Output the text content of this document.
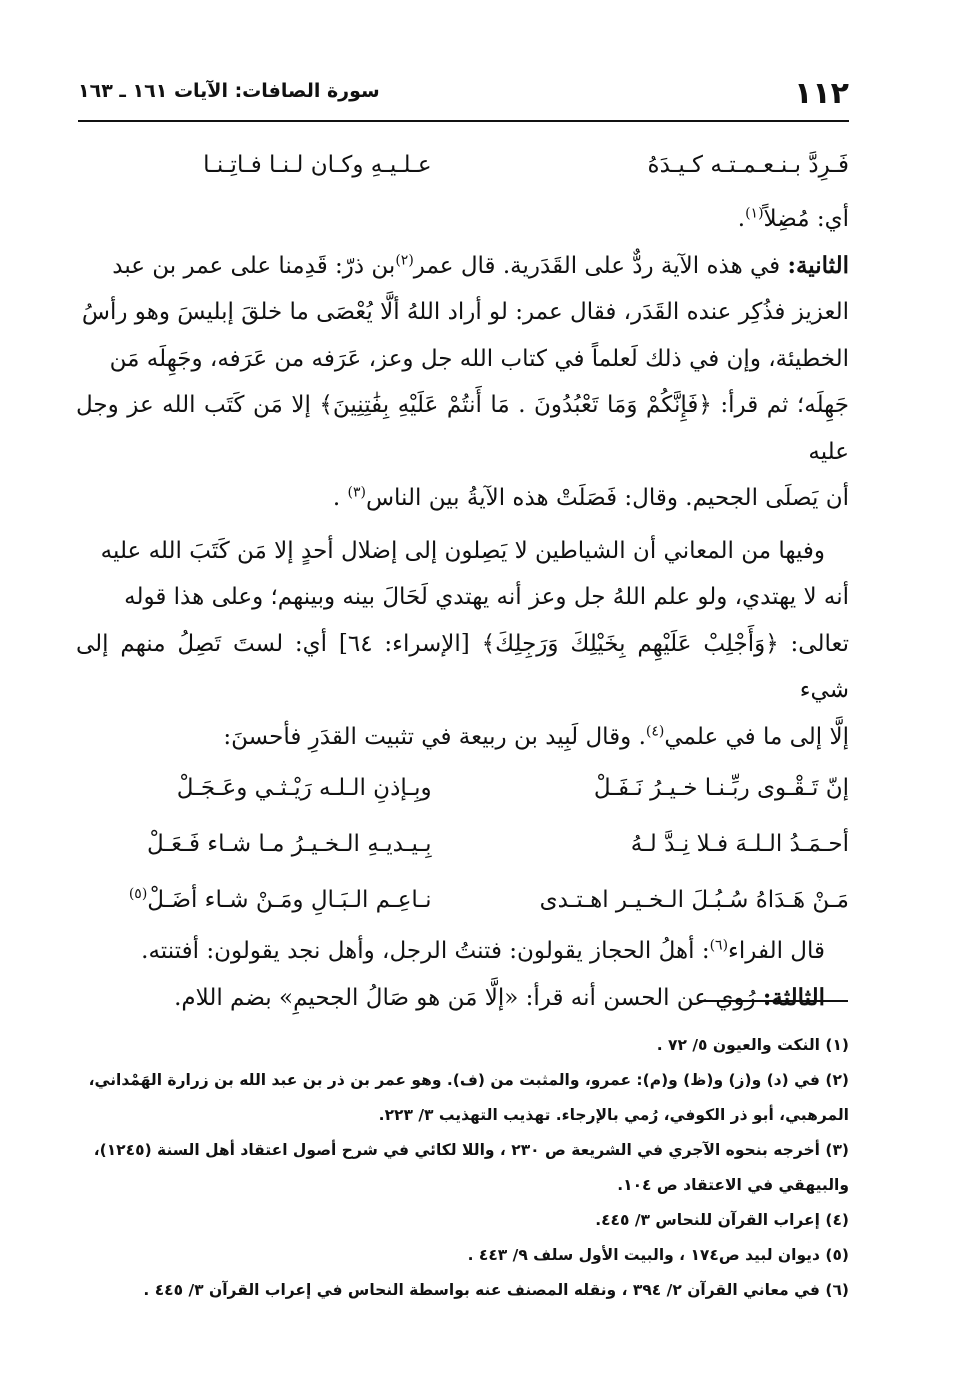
١١٢
سورة الصافات: الآيات ١٦١ ـ ١٦٣
فَـرِدَّ بـنـعـمـتـه كـيـدَهُ
عـلـيـهِ وكـان لـنـا فـاتِـنـا

أي: مُضِلاً$^{(١)}$.

الثانية: في هذه الآية ردٌّ على القَدَرية. قال عمر$^{(٢)}$بن ذرّ: قَدِمنا على عمر بن عبد
العزيز فذُكِر عنده القَدَر، فقال عمر: لو أراد اللهُ ألَّا يُعْصَى ما خلقَ إبليسَ وهو رأسُ
الخطيئة، وإن في ذلك لَعلماً في كتاب الله جل وعز، عَرَفه من عَرَفه، وجَهِلَه مَن
جَهِلَه؛ ثم قرأ: ﴿فَإِنَّكُمْ وَمَا تَعْبُدُونَ . مَا أَنتُمْ عَلَيْهِ بِفَٰتِنِينَ﴾ إلا مَن كَتَب الله عز وجل عليه
أن يَصلَى الجحيم. وقال: فَصَلَتْ هذه الآيةُ بين الناس$^{(٣)}$ .
وفيها من المعاني أن الشياطين لا يَصِلون إلى إضلال أحدٍ إلا مَن كَتَبَ الله عليه
أنه لا يهتدي، ولو علم اللهُ جل وعز أنه يهتدي لَحَالَ بينه وبينهم؛ وعلى هذا قوله
تعالى: ﴿وَأَجْلِبْ عَلَيْهِم بِخَيْلِكَ وَرَجِلِكَ﴾ [الإسراء: ٦٤] أي: لستَ تَصِلُ منهم إلى شيء
إلَّا إلى ما في علمي$^{(٤)}$. وقال لَبِيد بن ربيعة في تثبيت القدَرِ فأحسنَ:
إنّ تَـقْـوى ربِّـنـا خـيـرُ نَـفَـلْ
وبِـإذنِ الـلـه رَيْـثـي وعَـجَـلْ
أحـمَـدُ الـلـهَ فـلا نِـدَّ لـهُ
بِـيـديـهِ الـخـيـرُ مـا شـاء فَـعَـلْ
مَـنْ هَـدَاهُ سُـبُـلَ الـخـيـر اهـتـدى
نـاعِـم الـبَـالِ ومَـنْ شـاء أضَـلْ(٥)
قال الفراء$^{(٦)}$: أهلُ الحجاز يقولون: فتنتُ الرجل، وأهل نجد يقولون: أفتنته.
الثالثة: رُوي عن الحسن أنه قرأ: «إلَّا مَن هو صَالُ الجحيمِ» بضم اللام.

(١) النكت والعيون ٥/ ٧٢ .

(٢) في (د) و(ز) و(ظ) و(م): عمرو، والمثبت من (ف). وهو عمر بن ذر بن عبد الله بن زرارة الهَمْداني،

المرهبي، أبو ذر الكوفي، رُمي بالإرجاء. تهذيب التهذيب ٣/ ٢٢٣.

(٣) أخرجه بنحوه الآجري في الشريعة ص ٢٣٠ ، واللا لكائي في شرح أصول اعتقاد أهل السنة (١٢٤٥)،

والبيهقي في الاعتقاد ص ١٠٤.

(٤) إعراب القرآن للنحاس ٣/ ٤٤٥.

(٥) ديوان لبيد ص١٧٤ ، والبيت الأول سلف ٩/ ٤٤٣ .

(٦) في معاني القرآن ٢/ ٣٩٤ ، ونقله المصنف عنه بواسطة النحاس في إعراب القرآن ٣/ ٤٤٥ .
